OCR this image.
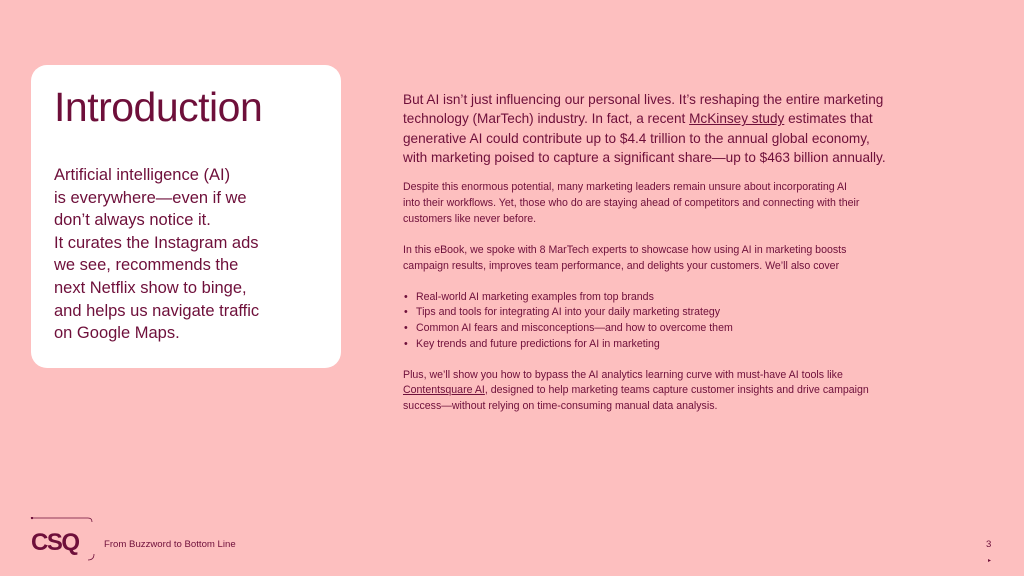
Introduction
Artificial intelligence (AI)
is everywhere—even if we
don’t always notice it.
It curates the Instagram ads
we see, recommends the
next Netflix show to binge,
and helps us navigate traffic
on Google Maps.

But AI isn’t just influencing our personal lives. It’s reshaping the entire marketing
technology (MarTech) industry. In fact, a recent McKinsey study estimates that
generative AI could contribute up to $4.4 trillion to the annual global economy,
with marketing poised to capture a significant share—up to $463 billion annually.

Despite this enormous potential, many marketing leaders remain unsure about incorporating AI
into their workflows. Yet, those who do are staying ahead of competitors and connecting with their
customers like never before.

In this eBook, we spoke with 8 MarTech experts to showcase how using AI in marketing boosts
campaign results, improves team performance, and delights your customers. We’ll also cover

• Real-world AI marketing examples from top brands
• Tips and tools for integrating AI into your daily marketing strategy
• Common AI fears and misconceptions—and how to overcome them
• Key trends and future predictions for AI in marketing

Plus, we’ll show you how to bypass the AI analytics learning curve with must-have AI tools like
Contentsquare AI, designed to help marketing teams capture customer insights and drive campaign
success—without relying on time-consuming manual data analysis.

CSQ	From Buzzword to Bottom Line	3
▸
